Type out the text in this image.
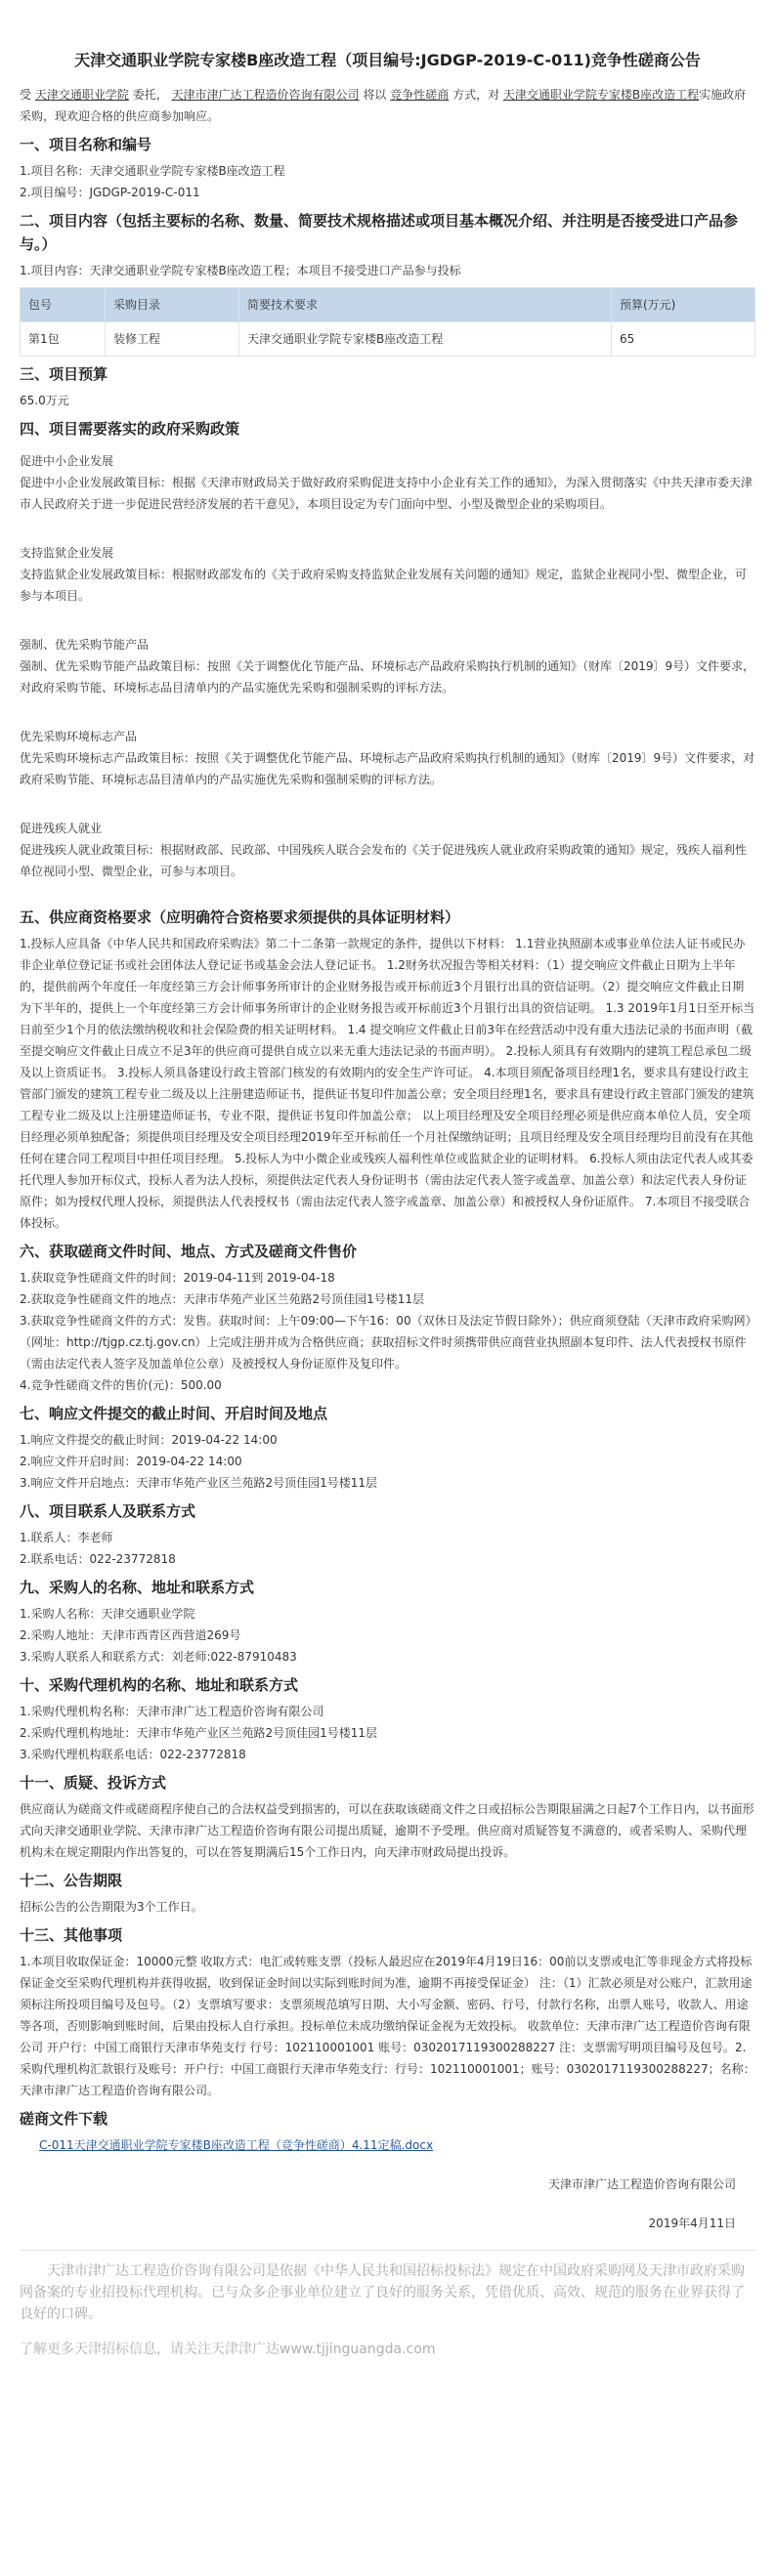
天津交通职业学院专家楼B座改造工程（项目编号:JGDGP-2019-C-011)竞争性磋商公告

受 天津交通职业学院 委托， 天津市津广达工程造价咨询有限公司 将以 竞争性磋商 方式，对 天津交通职业学院专家楼B座改造工程实施政府采购，现欢迎合格的供应商参加响应。

一、项目名称和编号

1.项目名称：天津交通职业学院专家楼B座改造工程

2.项目编号：JGDGP-2019-C-011

二、项目内容（包括主要标的名称、数量、简要技术规格描述或项目基本概况介绍、并注明是否接受进口产品参与。）

1.项目内容：天津交通职业学院专家楼B座改造工程；本项目不接受进口产品参与投标

包号	采购目录	简要技术要求	预算(万元)
第1包	装修工程	天津交通职业学院专家楼B座改造工程	65
三、项目预算

65.0万元

四、项目需要落实的政府采购政策

促进中小企业发展

促进中小企业发展政策目标：根据《天津市财政局关于做好政府采购促进支持中小企业有关工作的通知》，为深入贯彻落实《中共天津市委天津市人民政府关于进一步促进民营经济发展的若干意见》，本项目设定为专门面向中型、小型及微型企业的采购项目。

支持监狱企业发展

支持监狱企业发展政策目标：根据财政部发布的《关于政府采购支持监狱企业发展有关问题的通知》规定，监狱企业视同小型、微型企业，可参与本项目。

强制、优先采购节能产品

强制、优先采购节能产品政策目标：按照《关于调整优化节能产品、环境标志产品政府采购执行机制的通知》（财库〔2019〕9号）文件要求，对政府采购节能、环境标志品目清单内的产品实施优先采购和强制采购的评标方法。

优先采购环境标志产品

优先采购环境标志产品政策目标：按照《关于调整优化节能产品、环境标志产品政府采购执行机制的通知》（财库〔2019〕9号）文件要求，对政府采购节能、环境标志品目清单内的产品实施优先采购和强制采购的评标方法。

促进残疾人就业

促进残疾人就业政策目标：根据财政部、民政部、中国残疾人联合会发布的《关于促进残疾人就业政府采购政策的通知》规定，残疾人福利性单位视同小型、微型企业，可参与本项目。

五、供应商资格要求（应明确符合资格要求须提供的具体证明材料）

1.投标人应具备《中华人民共和国政府采购法》第二十二条第一款规定的条件，提供以下材料： 1.1营业执照副本或事业单位法人证书或民办非企业单位登记证书或社会团体法人登记证书或基金会法人登记证书。 1.2财务状况报告等相关材料：（1）提交响应文件截止日期为上半年的，提供前两个年度任一年度经第三方会计师事务所审计的企业财务报告或开标前近3个月银行出具的资信证明。（2）提交响应文件截止日期为下半年的，提供上一个年度经第三方会计师事务所审计的企业财务报告或开标前近3个月银行出具的资信证明。 1.3 2019年1月1日至开标当日前至少1个月的依法缴纳税收和社会保险费的相关证明材料。 1.4 提交响应文件截止日前3年在经营活动中没有重大违法记录的书面声明（截至提交响应文件截止日成立不足3年的供应商可提供自成立以来无重大违法记录的书面声明）。 2.投标人须具有有效期内的建筑工程总承包二级及以上资质证书。 3.投标人须具备建设行政主管部门核发的有效期内的安全生产许可证。 4.本项目须配备项目经理1名，要求具有建设行政主管部门颁发的建筑工程专业二级及以上注册建造师证书，提供证书复印件加盖公章；安全项目经理1名，要求具有建设行政主管部门颁发的建筑工程专业二级及以上注册建造师证书，专业不限，提供证书复印件加盖公章； 以上项目经理及安全项目经理必须是供应商本单位人员，安全项目经理必须单独配备；须提供项目经理及安全项目经理2019年至开标前任一个月社保缴纳证明；且项目经理及安全项目经理均目前没有在其他任何在建合同工程项目中担任项目经理。 5.投标人为中小微企业或残疾人福利性单位或监狱企业的证明材料。 6.投标人须由法定代表人或其委托代理人参加开标仪式，投标人者为法人投标，须提供法定代表人身份证明书（需由法定代表人签字或盖章、加盖公章）和法定代表人身份证原件；如为授权代理人投标，须提供法人代表授权书（需由法定代表人签字或盖章、加盖公章）和被授权人身份证原件。 7.本项目不接受联合体投标。

六、获取磋商文件时间、地点、方式及磋商文件售价

1.获取竞争性磋商文件的时间：2019-04-11到 2019-04-18

2.获取竞争性磋商文件的地点：天津市华苑产业区兰苑路2号顶佳园1号楼11层

3.获取竞争性磋商文件的方式：发售。获取时间：上午09:00—下午16：00（双休日及法定节假日除外）；供应商须登陆（天津市政府采购网）（网址：http://tjgp.cz.tj.gov.cn）上完成注册并成为合格供应商；获取招标文件时须携带供应商营业执照副本复印件、法人代表授权书原件（需由法定代表人签字及加盖单位公章）及被授权人身份证原件及复印件。

4.竞争性磋商文件的售价(元)：500.00

七、响应文件提交的截止时间、开启时间及地点

1.响应文件提交的截止时间：2019-04-22 14:00

2.响应文件开启时间：2019-04-22 14:00

3.响应文件开启地点：天津市华苑产业区兰苑路2号顶佳园1号楼11层

八、项目联系人及联系方式

1.联系人：李老师

2.联系电话：022-23772818

九、采购人的名称、地址和联系方式

1.采购人名称：天津交通职业学院

2.采购人地址：天津市西青区西营道269号

3.采购人联系人和联系方式：刘老师:022-87910483

十、采购代理机构的名称、地址和联系方式

1.采购代理机构名称：天津市津广达工程造价咨询有限公司

2.采购代理机构地址：天津市华苑产业区兰苑路2号顶佳园1号楼11层

3.采购代理机构联系电话：022-23772818

十一、质疑、投诉方式

供应商认为磋商文件或磋商程序使自己的合法权益受到损害的，可以在获取该磋商文件之日或招标公告期限届满之日起7个工作日内，以书面形式向天津交通职业学院、天津市津广达工程造价咨询有限公司提出质疑，逾期不予受理。供应商对质疑答复不满意的，或者采购人、采购代理机构未在规定期限内作出答复的，可以在答复期满后15个工作日内，向天津市财政局提出投诉。

十二、公告期限

招标公告的公告期限为3个工作日。

十三、其他事项

1.本项目收取保证金：10000元整 收取方式：电汇或转账支票（投标人最迟应在2019年4月19日16：00前以支票或电汇等非现金方式将投标保证金交至采购代理机构并获得收据，收到保证金时间以实际到账时间为准，逾期不再接受保证金） 注：（1）汇款必须是对公账户，汇款用途须标注所投项目编号及包号。（2）支票填写要求：支票须规范填写日期、大小写金额、密码、行号，付款行名称，出票人账号，收款人、用途等各项，否则影响到账时间，后果由投标人自行承担。投标单位未成功缴纳保证金视为无效投标。 收款单位：天津市津广达工程造价咨询有限公司 开户行：中国工商银行天津市华苑支行 行号：102110001001 账号：0302017119300288227 注：支票需写明项目编号及包号。2.采购代理机构汇款银行及账号：开户行：中国工商银行天津市华苑支行：行号：102110001001；账号：0302017119300288227；名称：天津市津广达工程造价咨询有限公司。

磋商文件下载

C-011天津交通职业学院专家楼B座改造工程（竞争性磋商）4.11定稿.docx

天津市津广达工程造价咨询有限公司

2019年4月11日

天津市津广达工程造价咨询有限公司是依据《中华人民共和国招标投标法》规定在中国政府采购网及天津市政府采购网备案的专业招投标代理机构。已与众多企事业单位建立了良好的服务关系，凭借优质、高效、规范的服务在业界获得了良好的口碑。

了解更多天津招标信息，请关注天津津广达www.tjjinguangda.com
